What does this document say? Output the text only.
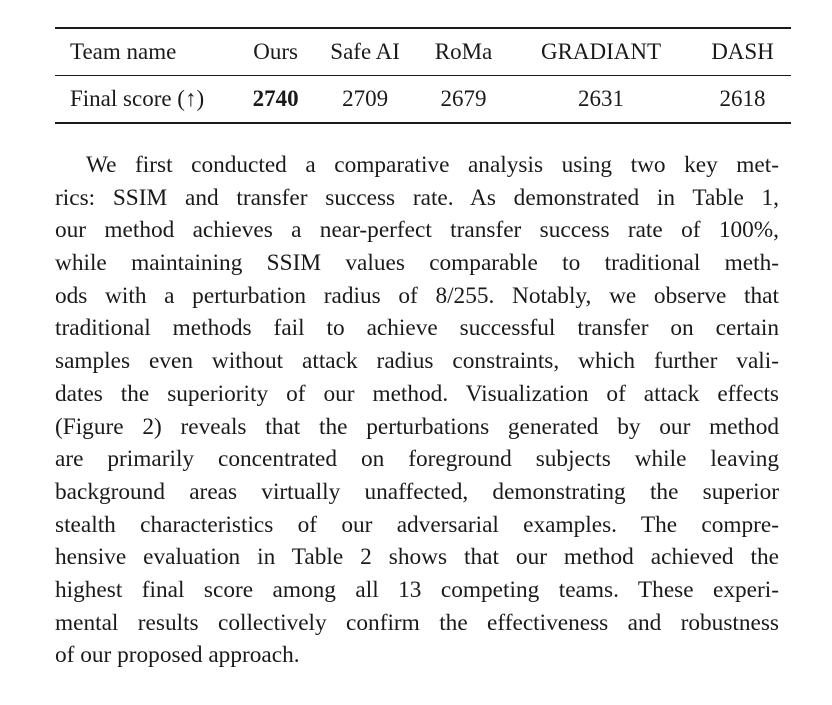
Team name	Ours	Safe AI	RoMa	GRADIANT	DASH
Final score (↑)	2740	2709	2679	2631	2618
We first conducted a comparative analysis using two key met-
rics: SSIM and transfer success rate. As demonstrated in Table 1,
our method achieves a near-perfect transfer success rate of 100%,
while maintaining SSIM values comparable to traditional meth-
ods with a perturbation radius of 8/255. Notably, we observe that
traditional methods fail to achieve successful transfer on certain
samples even without attack radius constraints, which further vali-
dates the superiority of our method. Visualization of attack effects
(Figure 2) reveals that the perturbations generated by our method
are primarily concentrated on foreground subjects while leaving
background areas virtually unaffected, demonstrating the superior
stealth characteristics of our adversarial examples. The compre-
hensive evaluation in Table 2 shows that our method achieved the
highest final score among all 13 competing teams. These experi-
mental results collectively confirm the effectiveness and robustness
of our proposed approach.
